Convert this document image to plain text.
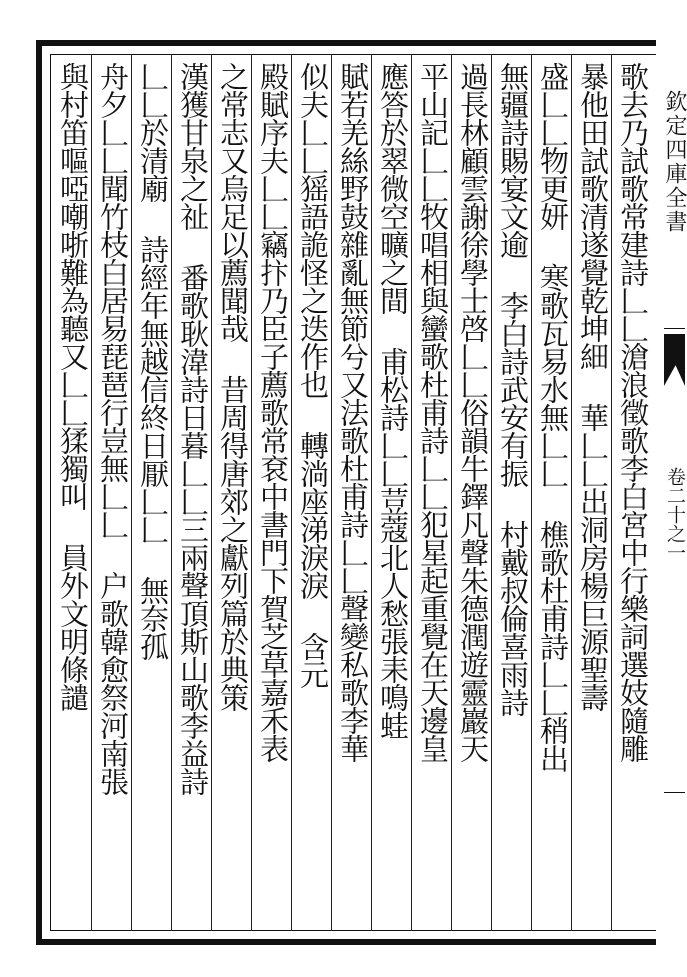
歌去乃試歌常建詩𠃊𠃊滄浪徵歌李白宮中行樂詞選妓隨雕
暴他田試歌清遂覺乾坤細 華𠃊𠃊出洞房楊巨源聖壽
盛𠃊𠃊物更妍 寒歌瓦易水無𠃊𠃊 樵歌杜甫詩𠃊𠃊稍出
無疆詩賜宴文逾 李白詩武安有振 村戴叔倫喜雨詩
過長林顧雲謝徐學士啓𠃊𠃊俗韻牛鐸凡聲朱德潤遊靈巖天
平山記𠃊𠃊牧唱相與蠻歌杜甫詩𠃊𠃊犯星起重覺在天邊皇
應答於翠微空曠之間 甫松詩𠃊𠃊荳蔻北人愁張耒鳴蛙
賦若羌絲野鼓雜亂無節兮又法歌杜甫詩𠃊𠃊聲變私歌李華
似夫𠃊𠃊猺語詭怪之迭作也 轉淌座涕淚淚 含元
殿賦序夫𠃊𠃊竊抃乃臣子薦歌常袞中書門下賀芝草嘉禾表
之常志又烏足以薦聞哉 昔周得唐郊之獻列篇於典策
漢獲甘泉之祉 番歌耿湋詩日暮𠃊𠃊三兩聲頂斯山歌李益詩
𠃊𠃊於清廟 詩經年無越信終日厭𠃊𠃊 無奈孤
舟夕𠃊𠃊聞竹枝白居易琵琶行豈無𠃊𠃊 户歌韓愈祭河南張
與村笛嘔啞嘲哳難為聽又𠃊𠃊猱獨叫 員外文明條譴	欽定四庫全書
卷二十之一
